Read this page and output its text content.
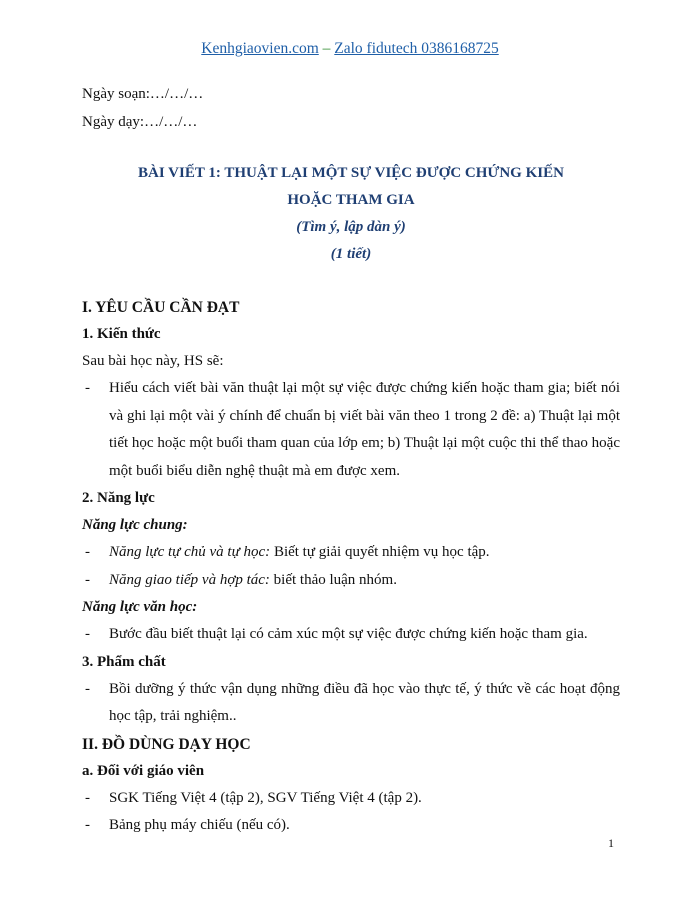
Kenhgiaovien.com – Zalo fidutech 0386168725
Ngày soạn:…/…/…
Ngày dạy:…/…/…
BÀI VIẾT 1: THUẬT LẠI MỘT SỰ VIỆC ĐƯỢC CHỨNG KIẾN
HOẶC THAM GIA
(Tìm ý, lập dàn ý)
(1 tiết)
I. YÊU CẦU CẦN ĐẠT
1. Kiến thức
Sau bài học này, HS sẽ:
- Hiểu cách viết bài văn thuật lại một sự việc được chứng kiến hoặc tham gia; biết nói và ghi lại một vài ý chính để chuẩn bị viết bài văn theo 1 trong 2 đề: a) Thuật lại một tiết học hoặc một buổi tham quan của lớp em; b) Thuật lại một cuộc thi thể thao hoặc một buổi biểu diễn nghệ thuật mà em được xem.
2. Năng lực
Năng lực chung:
- Năng lực tự chủ và tự học: Biết tự giải quyết nhiệm vụ học tập.
- Năng giao tiếp và hợp tác: biết thảo luận nhóm.
Năng lực văn học:
- Bước đầu biết thuật lại có cảm xúc một sự việc được chứng kiến hoặc tham gia.
3. Phẩm chất
- Bồi dưỡng ý thức vận dụng những điều đã học vào thực tế, ý thức về các hoạt động học tập, trải nghiệm..
II. ĐỒ DÙNG DẠY HỌC
a. Đối với giáo viên
- SGK Tiếng Việt 4 (tập 2), SGV Tiếng Việt 4 (tập 2).
- Bảng phụ máy chiếu (nếu có).
1
